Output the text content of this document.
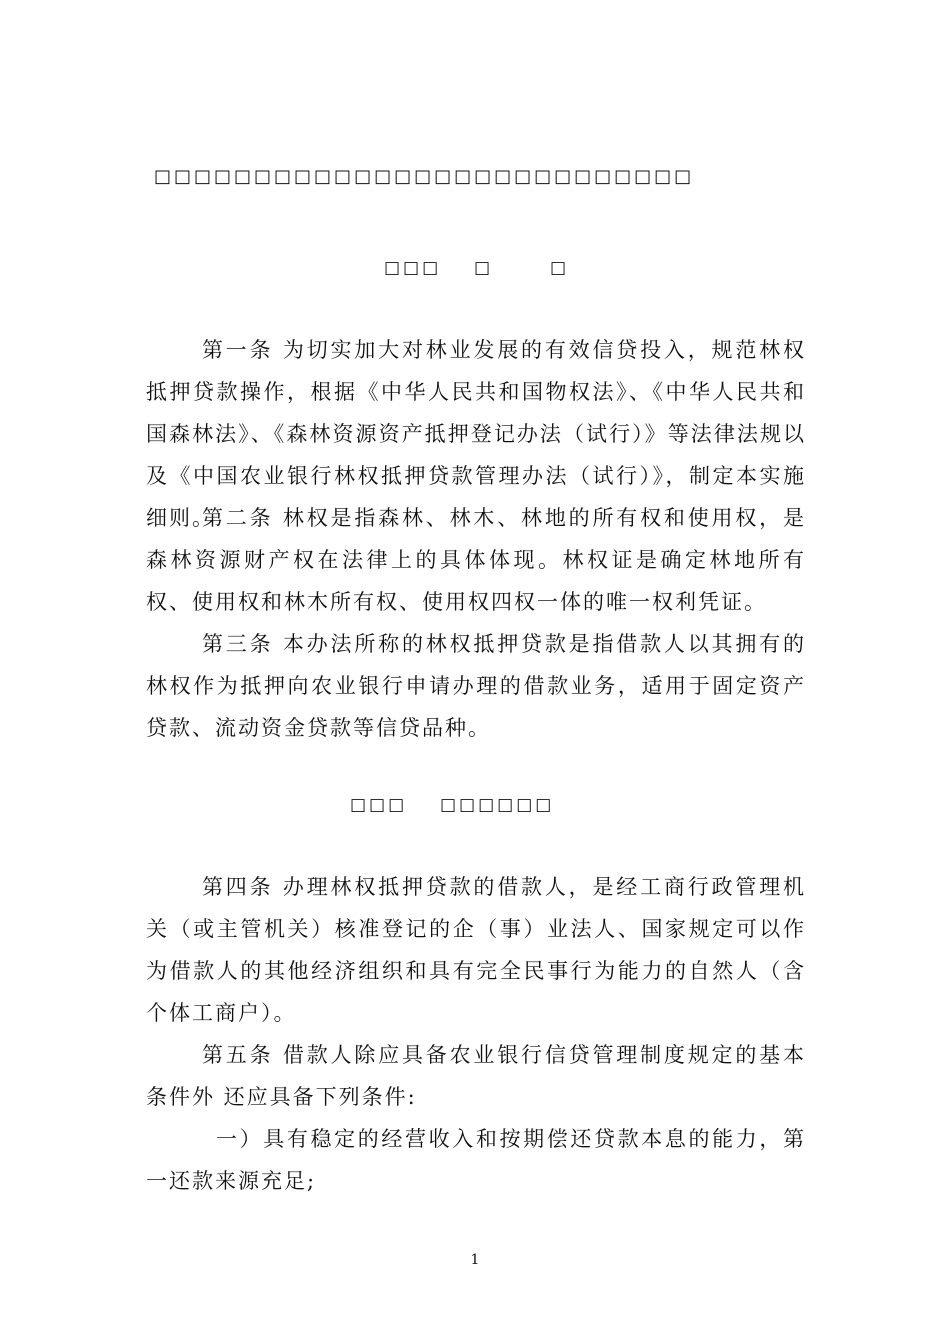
□□□□□□□□□□□□□□□□□□□□□□□□□□□
□□□ □□
第一条 为切实加大对林业发展的有效信贷投入，规范林权抵押贷款操作，根据《中华人民共和国物权法》、《中华人民共和国森林法》、《森林资源资产抵押登记办法（试行）》等法律法规以及《中国农业银行林权抵押贷款管理办法（试行）》，制定本实施细则。
第二条 林权是指森林、林木、林地的所有权和使用权，是森林资源财产权在法律上的具体体现。林权证是确定林地所有权、使用权和林木所有权、使用权四权一体的唯一权利凭证。
第三条 本办法所称的林权抵押贷款是指借款人以其拥有的林权作为抵押向农业银行申请办理的借款业务，适用于固定资产贷款、流动资金贷款等信贷品种。
□□□ □□□□□□
第四条 办理林权抵押贷款的借款人，是经工商行政管理机关（或主管机关）核准登记的企（事）业法人、国家规定可以作为借款人的其他经济组织和具有完全民事行为能力的自然人（含个体工商户）。
第五条 借款人除应具备农业银行信贷管理制度规定的基本条件外 还应具备下列条件:
一）具有稳定的经营收入和按期偿还贷款本息的能力，第一还款来源充足;
1
